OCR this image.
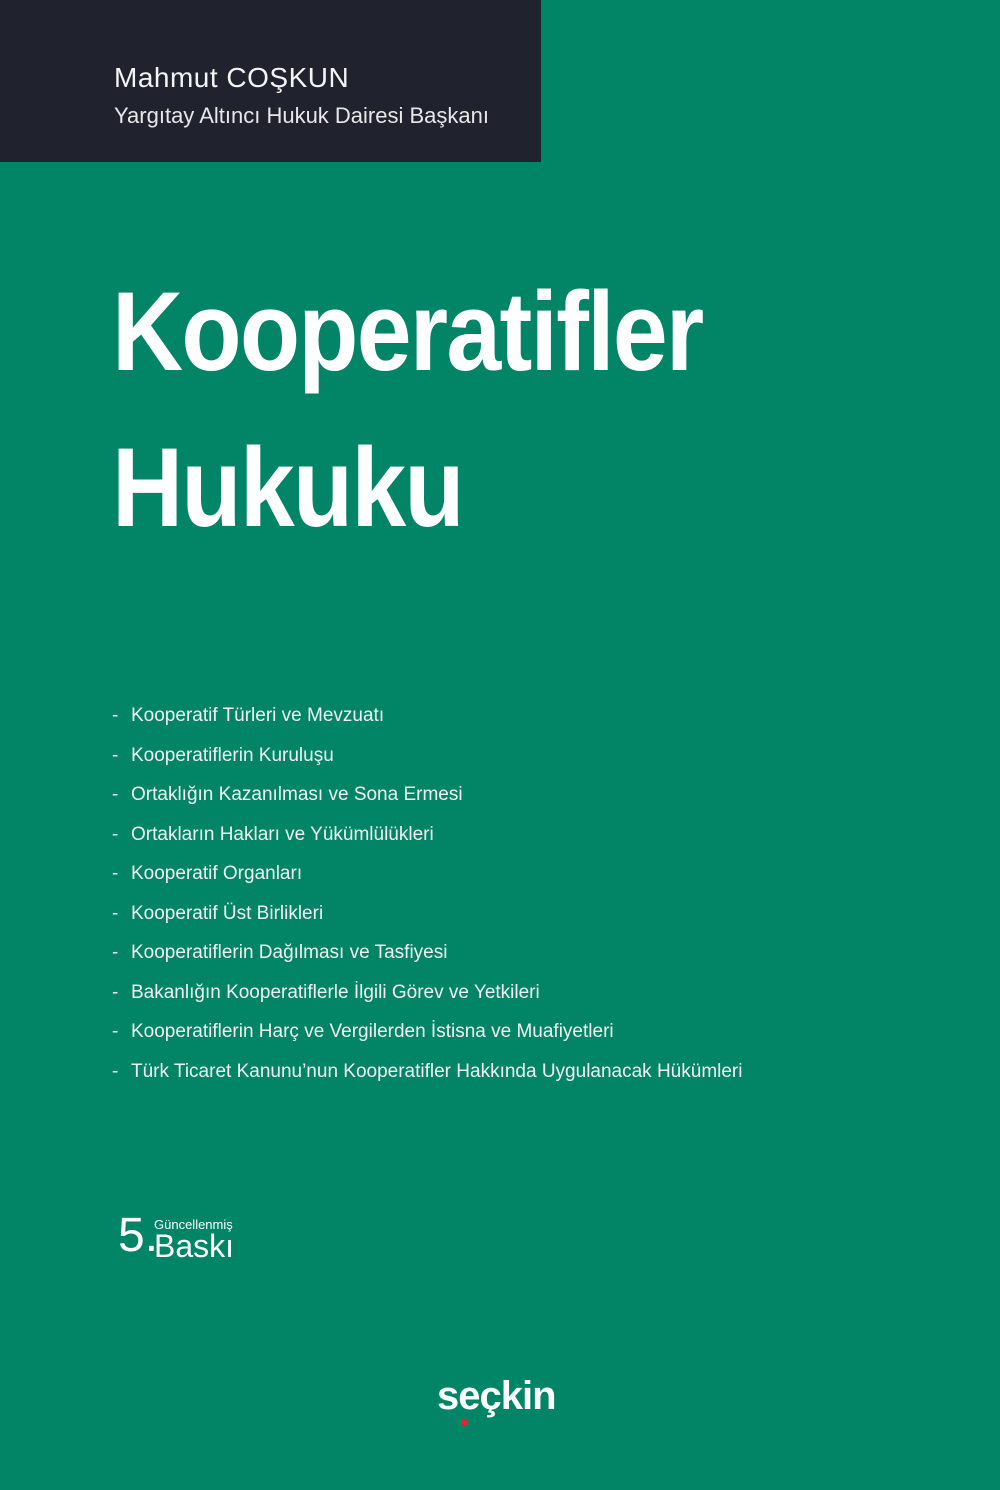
Mahmut COŞKUN
Yargıtay Altıncı Hukuk Dairesi Başkanı
Kooperatifler
Hukuku
- Kooperatif Türleri ve Mevzuatı
- Kooperatiflerin Kuruluşu
- Ortaklığın Kazanılması ve Sona Ermesi
- Ortakların Hakları ve Yükümlülükleri
- Kooperatif Organları
- Kooperatif Üst Birlikleri
- Kooperatiflerin Dağılması ve Tasfiyesi
- Bakanlığın Kooperatiflerle İlgili Görev ve Yetkileri
- Kooperatiflerin Harç ve Vergilerden İstisna ve Muafiyetleri
- Türk Ticaret Kanunu’nun Kooperatifler Hakkında Uygulanacak Hükümleri
5.
Güncellenmiş
Baskı
seçkin
